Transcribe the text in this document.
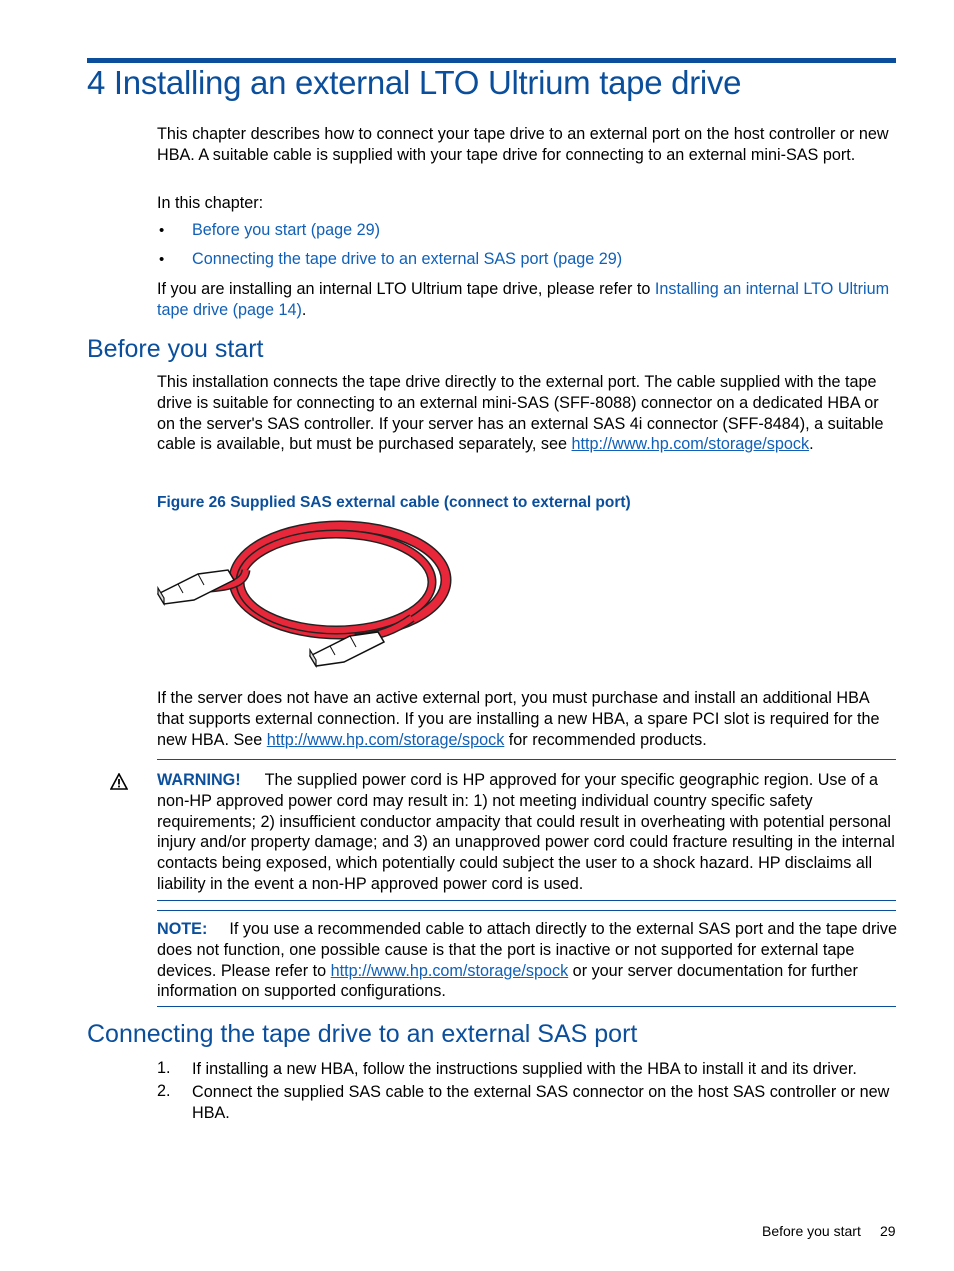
4 Installing an external LTO Ultrium tape drive
This chapter describes how to connect your tape drive to an external port on the host controller or new HBA. A suitable cable is supplied with your tape drive for connecting to an external mini-SAS port.
In this chapter:
• Before you start (page 29)
• Connecting the tape drive to an external SAS port (page 29)
If you are installing an internal LTO Ultrium tape drive, please refer to Installing an internal LTO Ultrium tape drive (page 14).
Before you start
This installation connects the tape drive directly to the external port. The cable supplied with the tape drive is suitable for connecting to an external mini-SAS (SFF-8088) connector on a dedicated HBA or on the server's SAS controller. If your server has an external SAS 4i connector (SFF-8484), a suitable cable is available, but must be purchased separately, see http://www.hp.com/storage/spock.
Figure 26 Supplied SAS external cable (connect to external port)
If the server does not have an active external port, you must purchase and install an additional HBA that supports external connection. If you are installing a new HBA, a spare PCI slot is required for the new HBA. See http://www.hp.com/storage/spock for recommended products.
WARNING! The supplied power cord is HP approved for your specific geographic region. Use of a non-HP approved power cord may result in: 1) not meeting individual country specific safety requirements; 2) insufficient conductor ampacity that could result in overheating with potential personal injury and/or property damage; and 3) an unapproved power cord could fracture resulting in the internal contacts being exposed, which potentially could subject the user to a shock hazard. HP disclaims all liability in the event a non-HP approved power cord is used.
NOTE: If you use a recommended cable to attach directly to the external SAS port and the tape drive does not function, one possible cause is that the port is inactive or not supported for external tape devices. Please refer to http://www.hp.com/storage/spock or your server documentation for further information on supported configurations.
Connecting the tape drive to an external SAS port
1. If installing a new HBA, follow the instructions supplied with the HBA to install it and its driver.
2. Connect the supplied SAS cable to the external SAS connector on the host SAS controller or new HBA.
Before you start 29
